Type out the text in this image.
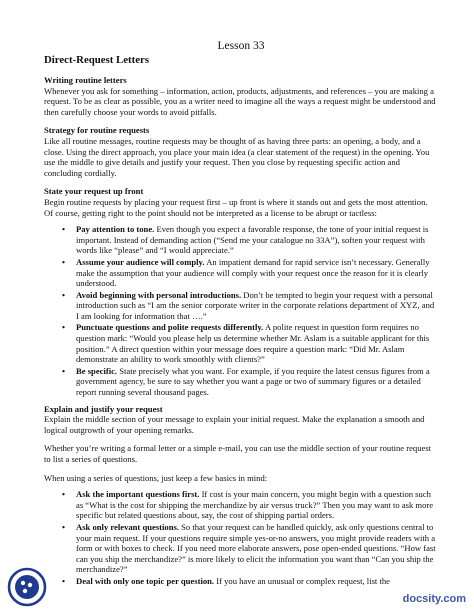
Lesson 33
Direct-Request Letters
Writing routine letters

Whenever you ask for something – information, action, products, adjustments, and references – you are making a request. To be as clear as possible, you as a writer need to imagine all the ways a request might be understood and then carefully choose your words to avoid pitfalls.

Strategy for routine requests

Like all routine messages, routine requests may be thought of as having three parts: an opening, a body, and a close. Using the direct approach, you place your main idea (a clear statement of the request) in the opening. You use the middle to give details and justify your request. Then you close by requesting specific action and concluding cordially.

State your request up front

Begin routine requests by placing your request first – up front is where it stands out and gets the most attention. Of course, getting right to the point should not be interpreted as a license to be abrupt or tactless:

• Pay attention to tone. Even though you expect a favorable response, the tone of your initial request is important. Instead of demanding action (“Send me your catalogue no 33A”), soften your request with words like “please” and “I would appreciate.”
• Assume your audience will comply. An impatient demand for rapid service isn’t necessary. Generally make the assumption that your audience will comply with your request once the reason for it is clearly understood.
• Avoid beginning with personal introductions. Don’t be tempted to begin your request with a personal introduction such as “I am the senior corporate writer in the corporate relations department of XYZ, and I am looking for information that ….”
• Punctuate questions and polite requests differently. A polite request in question form requires no question mark: “Would you please help us determine whether Mr. Aslam is a suitable applicant for this position.” A direct question within your message does require a question mark: “Did Mr. Aslam demonstrate an ability to work smoothly with clients?”
• Be specific. State precisely what you want. For example, if you require the latest census figures from a government agency, be sure to say whether you want a page or two of summary figures or a detailed report running several thousand pages.
Explain and justify your request

Explain the middle section of your message to explain your initial request. Make the explanation a smooth and logical outgrowth of your opening remarks.

Whether you’re writing a formal letter or a simple e-mail, you can use the middle section of your routine request to list a series of questions.

When using a series of questions, just keep a few basics in mind:

• Ask the important questions first. If cost is your main concern, you might begin with a question such as “What is the cost for shipping the merchandize by air versus truck?” Then you may want to ask more specific but related questions about, say, the cost of shipping partial orders.
• Ask only relevant questions. So that your request can be handled quickly, ask only questions central to your main request. If your questions require simple yes-or-no answers, you might provide readers with a form or with boxes to check. If you need more elaborate answers, pose open-ended questions. “How fast can you ship the merchandize?” is more likely to elicit the information you want than “Can you ship the merchandize?”
• Deal with only one topic per question. If you have an unusual or complex request, list the
docsity.com
